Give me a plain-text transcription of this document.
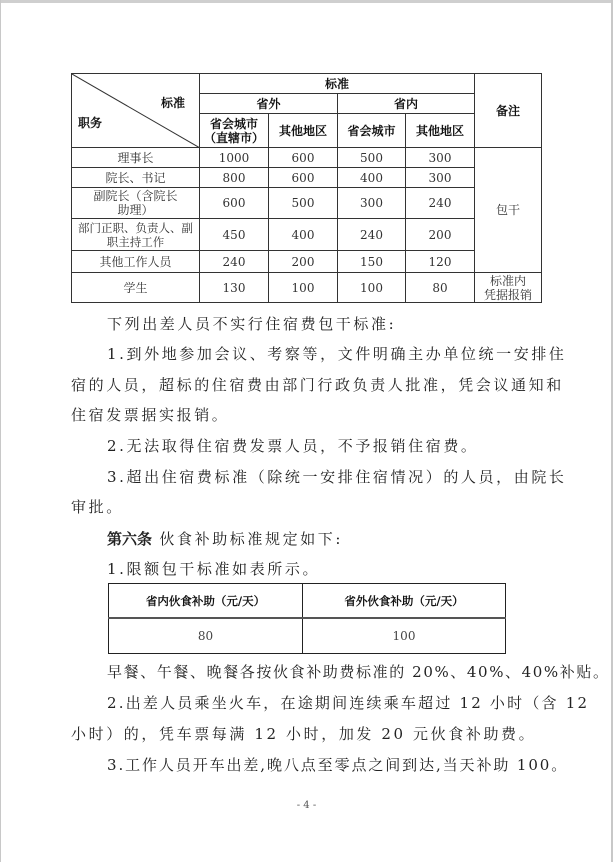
标准
职务	标准				备注
	省外		省内		
	省会城市（直辖市）	其他地区	省会城市	其他地区	
理事长	1000	600	500	300	包干
院长、书记	800	600	400	300	
副院长（含院长助理）	600	500	300	240	
部门正职、负责人、副职主持工作	450	400	240	200	
其他工作人员	240	200	150	120	
学生	130	100	100	80	标准内
凭据报销
下列出差人员不实行住宿费包干标准:
1.到外地参加会议、考察等，文件明确主办单位统一安排住
宿的人员，超标的住宿费由部门行政负责人批准，凭会议通知和
住宿发票据实报销。
2.无法取得住宿费发票人员，不予报销住宿费。
3.超出住宿费标准（除统一安排住宿情况）的人员，由院长
审批。
第六条 伙食补助标准规定如下:
1.限额包干标准如表所示。
省内伙食补助（元/天）	省外伙食补助（元/天）
80	100
早餐、午餐、晚餐各按伙食补助费标准的 20%、40%、40%补贴。
2.出差人员乘坐火车，在途期间连续乘车超过 12 小时（含 12
小时）的，凭车票每满 12 小时，加发 20 元伙食补助费。
3.工作人员开车出差,晚八点至零点之间到达,当天补助 100。
- 4 -
